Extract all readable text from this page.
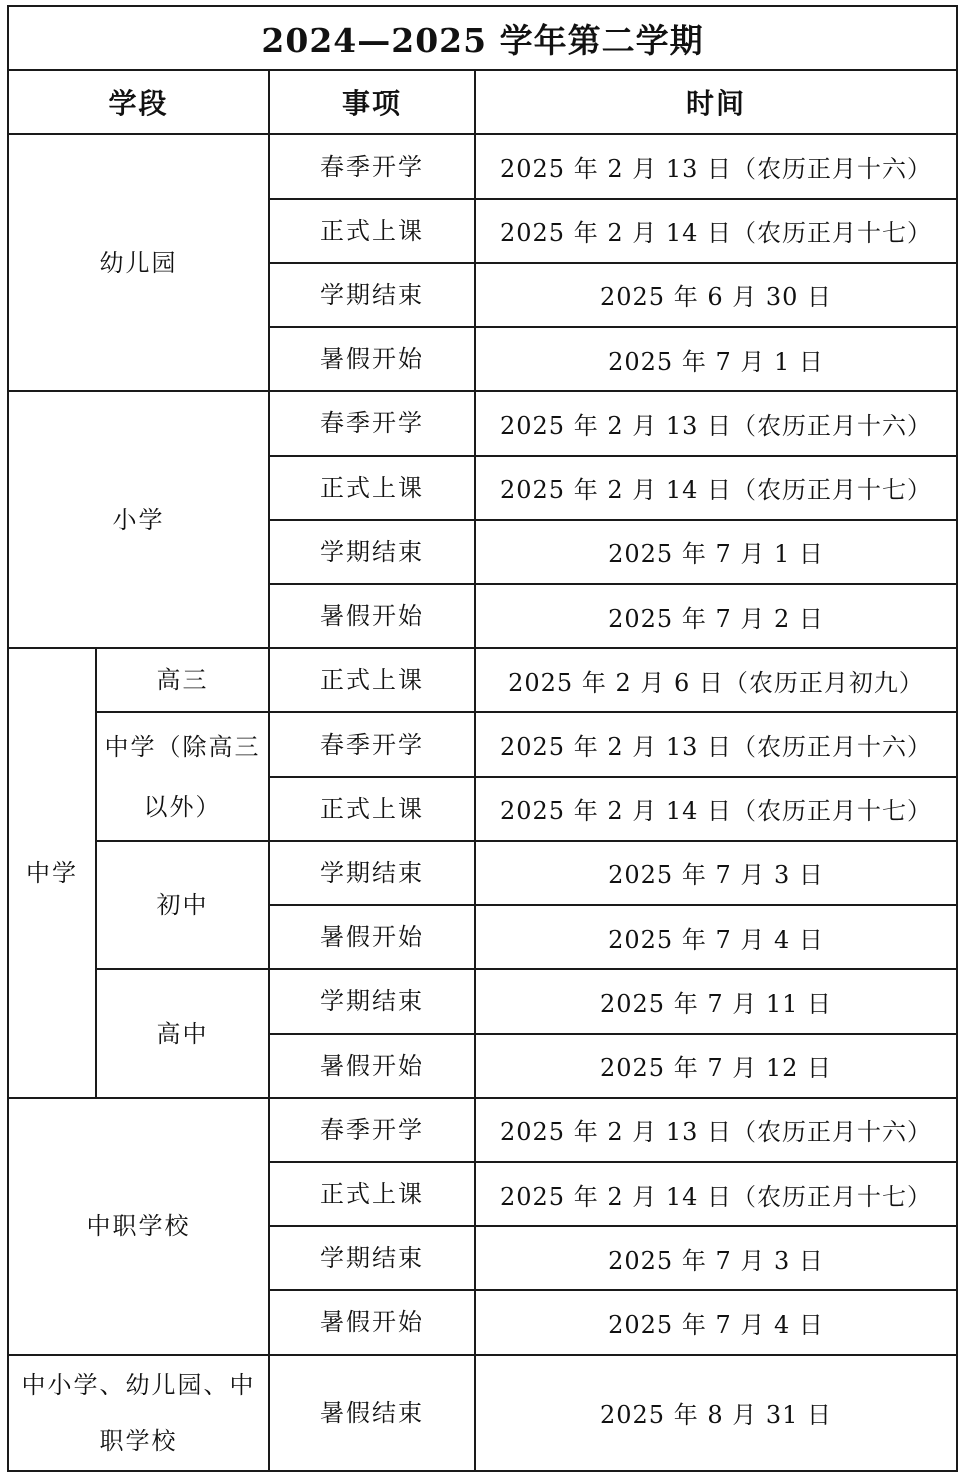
2024—2025 学年第二学期			
学段		事项	时间
幼儿园		春季开学	2025 年 2 月 13 日（农历正月十六）
		正式上课	2025 年 2 月 14 日（农历正月十七）
		学期结束	2025 年 6 月 30 日
		暑假开始	2025 年 7 月 1 日
小学		春季开学	2025 年 2 月 13 日（农历正月十六）
		正式上课	2025 年 2 月 14 日（农历正月十七）
		学期结束	2025 年 7 月 1 日
		暑假开始	2025 年 7 月 2 日
中学	高三	正式上课	2025 年 2 月 6 日（农历正月初九）
	中学（除高三以外）	春季开学	2025 年 2 月 13 日（农历正月十六）
		正式上课	2025 年 2 月 14 日（农历正月十七）
	初中	学期结束	2025 年 7 月 3 日
		暑假开始	2025 年 7 月 4 日
	高中	学期结束	2025 年 7 月 11 日
		暑假开始	2025 年 7 月 12 日
中职学校		春季开学	2025 年 2 月 13 日（农历正月十六）
		正式上课	2025 年 2 月 14 日（农历正月十七）
		学期结束	2025 年 7 月 3 日
		暑假开始	2025 年 7 月 4 日
中小学、幼儿园、中职学校		暑假结束	2025 年 8 月 31 日
